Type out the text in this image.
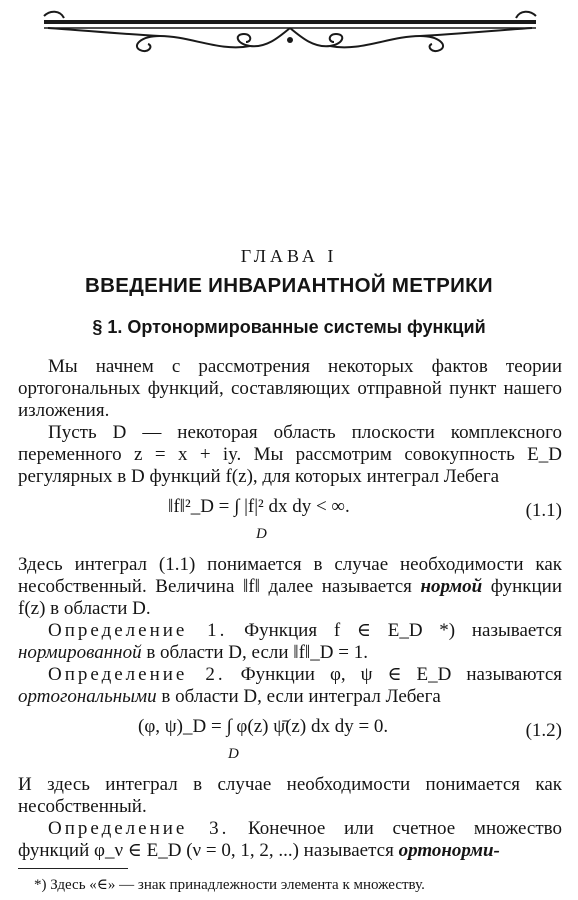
ГЛАВА I
ВВЕДЕНИЕ ИНВАРИАНТНОЙ МЕТРИКИ
§ 1. Ортонормированные системы функций
Мы начнем с рассмотрения некоторых фактов теории ортогональных функций, составляющих отправной пункт нашего изложения.
Пусть D — некоторая область плоскости комплексного переменного z = x + iy. Мы рассмотрим совокупность E_D регулярных в D функций f(z), для которых интеграл Лебега
‖f‖²_D = ∫ |f|² dx dy < ∞.
D
(1.1)
Здесь интеграл (1.1) понимается в случае необходимости как несобственный. Величина ‖f‖ далее называется нормой функции f(z) в области D.
Определение 1. Функция f ∈ E_D *) называется нормированной в области D, если ‖f‖_D = 1.
Определение 2. Функции φ, ψ ∈ E_D называются ортогональными в области D, если интеграл Лебега
(φ, ψ)_D = ∫ φ(z) ψ̄(z) dx dy = 0.
D
(1.2)
И здесь интеграл в случае необходимости понимается как несобственный.
Определение 3. Конечное или счетное множество функций φ_ν ∈ E_D (ν = 0, 1, 2, ...) называется ортонорми-
*) Здесь «∈» — знак принадлежности элемента к множеству.
